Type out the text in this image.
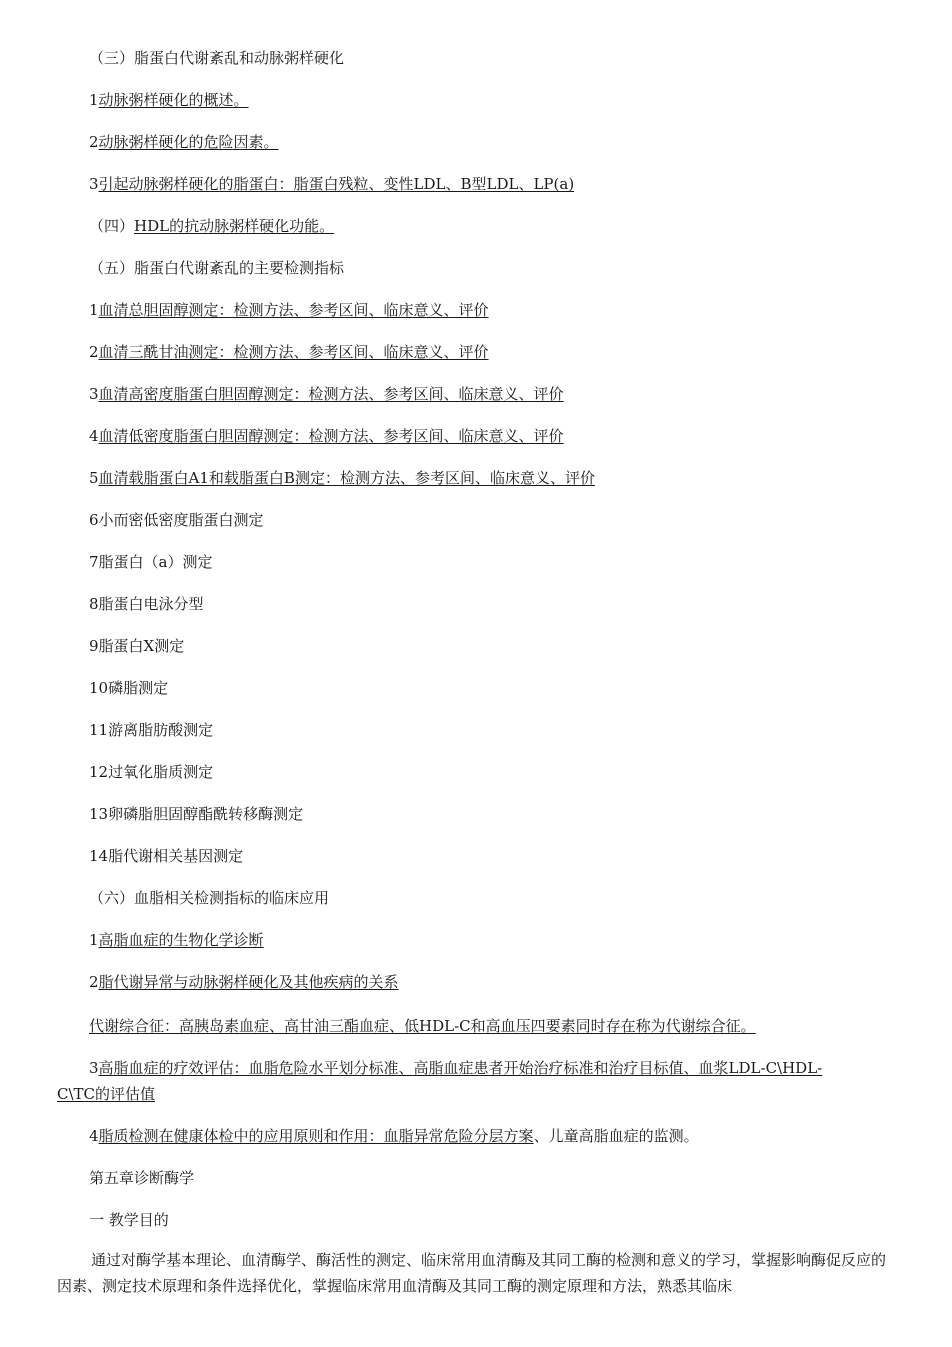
（三）脂蛋白代谢紊乱和动脉粥样硬化
1动脉粥样硬化的概述。
2动脉粥样硬化的危险因素。
3引起动脉粥样硬化的脂蛋白：脂蛋白残粒、变性LDL、B型LDL、LP(a)
（四）HDL的抗动脉粥样硬化功能。
（五）脂蛋白代谢紊乱的主要检测指标
1血清总胆固醇测定：检测方法、参考区间、临床意义、评价
2血清三酰甘油测定：检测方法、参考区间、临床意义、评价
3血清高密度脂蛋白胆固醇测定：检测方法、参考区间、临床意义、评价
4血清低密度脂蛋白胆固醇测定：检测方法、参考区间、临床意义、评价
5血清载脂蛋白A1和载脂蛋白B测定：检测方法、参考区间、临床意义、评价
6小而密低密度脂蛋白测定
7脂蛋白（a）测定
8脂蛋白电泳分型
9脂蛋白Ⅹ测定
10磷脂测定
11游离脂肪酸测定
12过氧化脂质测定
13卵磷脂胆固醇酯酰转移酶测定
14脂代谢相关基因测定
（六）血脂相关检测指标的临床应用
1高脂血症的生物化学诊断
2脂代谢异常与动脉粥样硬化及其他疾病的关系
代谢综合征：高胰岛素血症、高甘油三酯血症、低HDL-C和高血压四要素同时存在称为代谢综合征。
3高脂血症的疗效评估：血脂危险水平划分标准、高脂血症患者开始治疗标准和治疗目标值、血浆LDL-C\HDL-
C\TC的评估值
4脂质检测在健康体检中的应用原则和作用：血脂异常危险分层方案、儿童高脂血症的监测。
第五章诊断酶学
一 教学目的
通过对酶学基本理论、血清酶学、酶活性的测定、临床常用血清酶及其同工酶的检测和意义的学习，掌握影响酶促反应的因素、测定技术原理和条件选择优化，掌握临床常用血清酶及其同工酶的测定原理和方法，熟悉其临床
